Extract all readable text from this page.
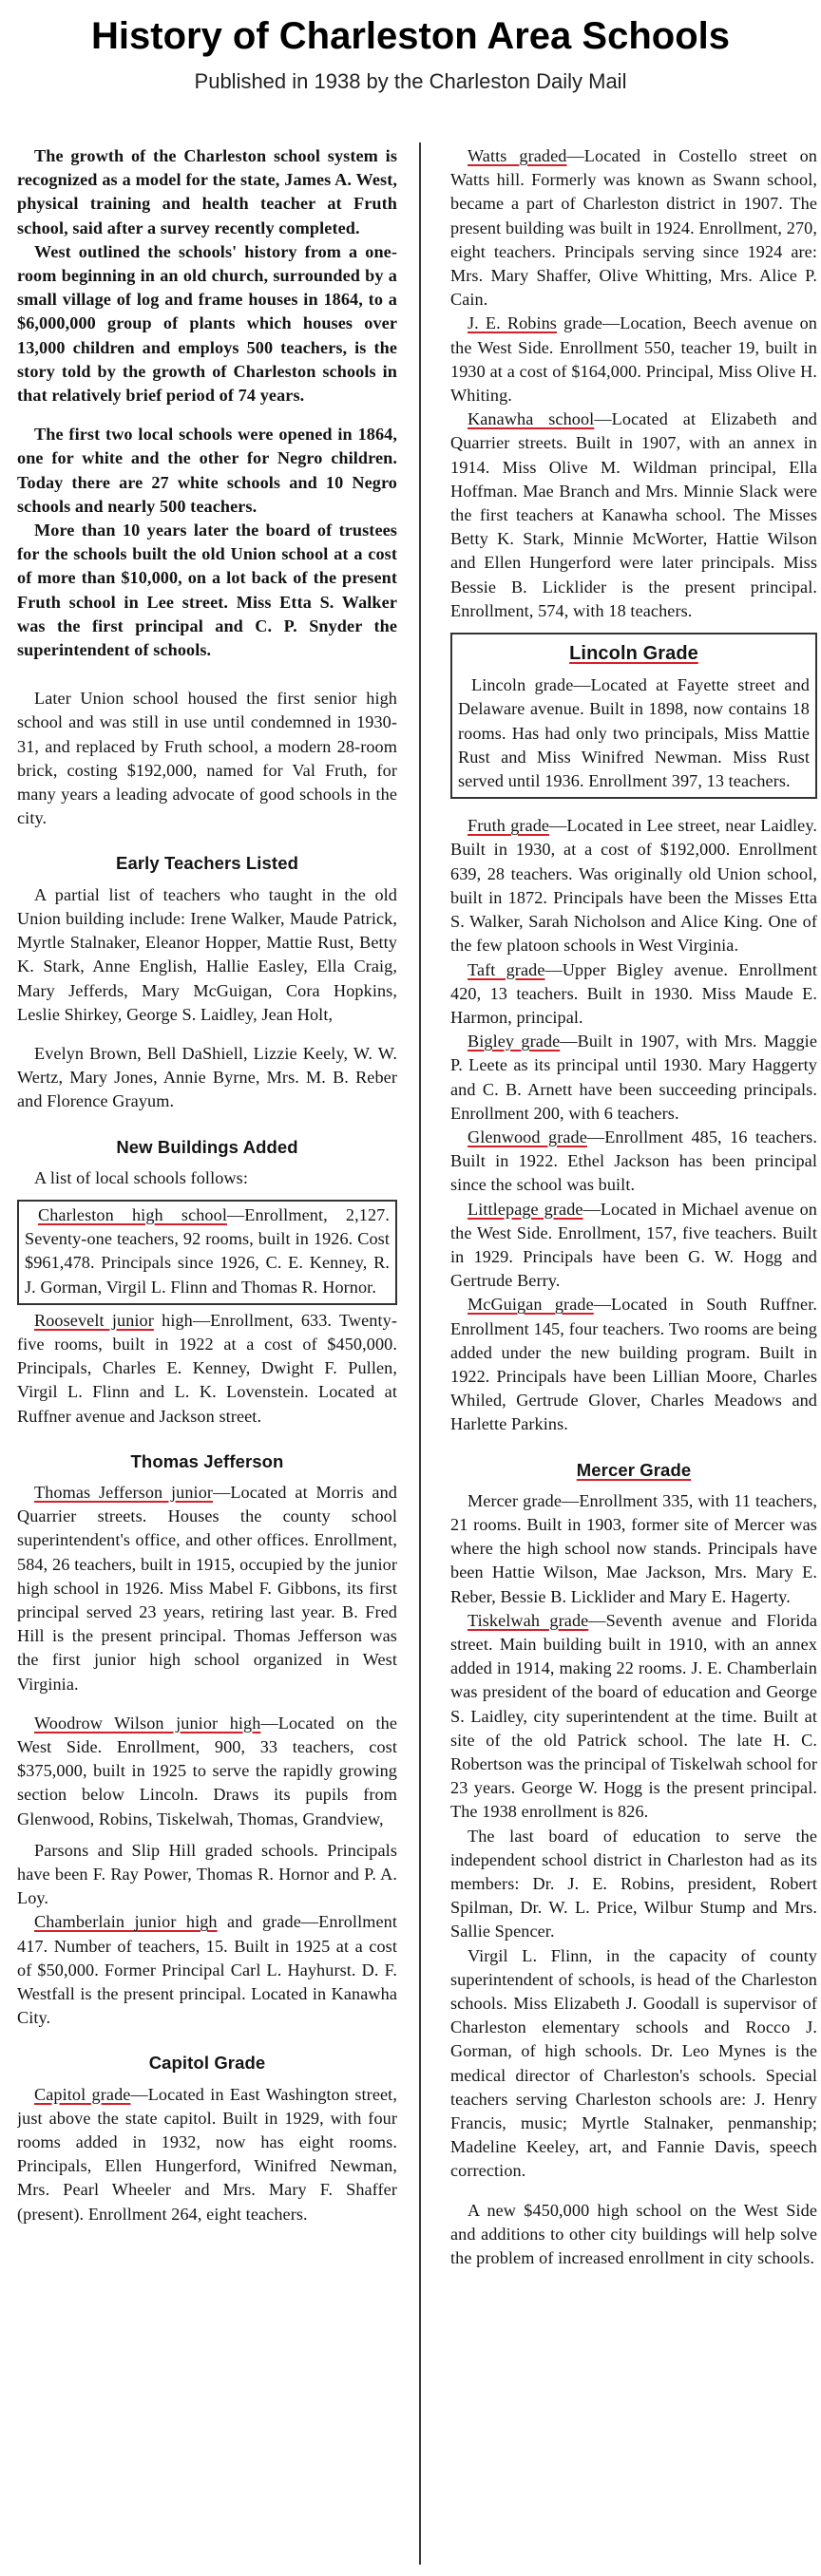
History of Charleston Area Schools
Published in 1938 by the Charleston Daily Mail

The growth of the Charleston school system is recognized as a model for the state, James A. West, physical training and health teacher at Fruth school, said after a survey recently completed.

West outlined the schools' history from a one-room beginning in an old church, surrounded by a small village of log and frame houses in 1864, to a $6,000,000 group of plants which houses over 13,000 children and employs 500 teachers, is the story told by the growth of Charleston schools in that relatively brief period of 74 years.

The first two local schools were opened in 1864, one for white and the other for Negro children. Today there are 27 white schools and 10 Negro schools and nearly 500 teachers.

More than 10 years later the board of trustees for the schools built the old Union school at a cost of more than $10,000, on a lot back of the present Fruth school in Lee street. Miss Etta S. Walker was the first principal and C. P. Snyder the superintendent of schools.

Later Union school housed the first senior high school and was still in use until condemned in 1930-31, and replaced by Fruth school, a modern 28-room brick, costing $192,000, named for Val Fruth, for many years a leading advocate of good schools in the city.

Early Teachers Listed

A partial list of teachers who taught in the old Union building include: Irene Walker, Maude Patrick, Myrtle Stalnaker, Eleanor Hopper, Mattie Rust, Betty K. Stark, Anne English, Hallie Easley, Ella Craig, Mary Jefferds, Mary McGuigan, Cora Hopkins, Leslie Shirkey, George S. Laidley, Jean Holt,

Evelyn Brown, Bell DaShiell, Lizzie Keely, W. W. Wertz, Mary Jones, Annie Byrne, Mrs. M. B. Reber and Florence Grayum.

New Buildings Added

A list of local schools follows:

Charleston high school—Enrollment, 2,127. Seventy-one teachers, 92 rooms, built in 1926. Cost $961,478. Principals since 1926, C. E. Kenney, R. J. Gorman, Virgil L. Flinn and Thomas R. Hornor.

Roosevelt junior high—Enrollment, 633. Twenty-five rooms, built in 1922 at a cost of $450,000. Principals, Charles E. Kenney, Dwight F. Pullen, Virgil L. Flinn and L. K. Lovenstein. Located at Ruffner avenue and Jackson street.

Thomas Jefferson

Thomas Jefferson junior—Located at Morris and Quarrier streets. Houses the county school superintendent's office, and other offices. Enrollment, 584, 26 teachers, built in 1915, occupied by the junior high school in 1926. Miss Mabel F. Gibbons, its first principal served 23 years, retiring last year. B. Fred Hill is the present principal. Thomas Jefferson was the first junior high school organized in West Virginia.

Woodrow Wilson junior high—Located on the West Side. Enrollment, 900, 33 teachers, cost $375,000, built in 1925 to serve the rapidly growing section below Lincoln. Draws its pupils from Glenwood, Robins, Tiskelwah, Thomas, Grandview,

Parsons and Slip Hill graded schools. Principals have been F. Ray Power, Thomas R. Hornor and P. A. Loy.

Chamberlain junior high and grade—Enrollment 417. Number of teachers, 15. Built in 1925 at a cost of $50,000. Former Principal Carl L. Hayhurst. D. F. Westfall is the present principal. Located in Kanawha City.

Capitol Grade

Capitol grade—Located in East Washington street, just above the state capitol. Built in 1929, with four rooms added in 1932, now has eight rooms. Principals, Ellen Hungerford, Winifred Newman, Mrs. Pearl Wheeler and Mrs. Mary F. Shaffer (present). Enrollment 264, eight teachers.

Watts graded—Located in Costello street on Watts hill. Formerly was known as Swann school, became a part of Charleston district in 1907. The present building was built in 1924. Enrollment, 270, eight teachers. Principals serving since 1924 are: Mrs. Mary Shaffer, Olive Whitting, Mrs. Alice P. Cain.

J. E. Robins grade—Location, Beech avenue on the West Side. Enrollment 550, teacher 19, built in 1930 at a cost of $164,000. Principal, Miss Olive H. Whiting.

Kanawha school—Located at Elizabeth and Quarrier streets. Built in 1907, with an annex in 1914. Miss Olive M. Wildman principal, Ella Hoffman. Mae Branch and Mrs. Minnie Slack were the first teachers at Kanawha school. The Misses Betty K. Stark, Minnie McWorter, Hattie Wilson and Ellen Hungerford were later principals. Miss Bessie B. Licklider is the present principal. Enrollment, 574, with 18 teachers.

Lincoln Grade

Lincoln grade—Located at Fayette street and Delaware avenue. Built in 1898, now contains 18 rooms. Has had only two principals, Miss Mattie Rust and Miss Winifred Newman. Miss Rust served until 1936. Enrollment 397, 13 teachers.

Fruth grade—Located in Lee street, near Laidley. Built in 1930, at a cost of $192,000. Enrollment 639, 28 teachers. Was originally old Union school, built in 1872. Principals have been the Misses Etta S. Walker, Sarah Nicholson and Alice King. One of the few platoon schools in West Virginia.

Taft grade—Upper Bigley avenue. Enrollment 420, 13 teachers. Built in 1930. Miss Maude E. Harmon, principal.

Bigley grade—Built in 1907, with Mrs. Maggie P. Leete as its principal until 1930. Mary Haggerty and C. B. Arnett have been succeeding principals. Enrollment 200, with 6 teachers.

Glenwood grade—Enrollment 485, 16 teachers. Built in 1922. Ethel Jackson has been principal since the school was built.

Littlepage grade—Located in Michael avenue on the West Side. Enrollment, 157, five teachers. Built in 1929. Principals have been G. W. Hogg and Gertrude Berry.

McGuigan grade—Located in South Ruffner. Enrollment 145, four teachers. Two rooms are being added under the new building program. Built in 1922. Principals have been Lillian Moore, Charles Whiled, Gertrude Glover, Charles Meadows and Harlette Parkins.

Mercer Grade

Mercer grade—Enrollment 335, with 11 teachers, 21 rooms. Built in 1903, former site of Mercer was where the high school now stands. Principals have been Hattie Wilson, Mae Jackson, Mrs. Mary E. Reber, Bessie B. Licklider and Mary E. Hagerty.

Tiskelwah grade—Seventh avenue and Florida street. Main building built in 1910, with an annex added in 1914, making 22 rooms. J. E. Chamberlain was president of the board of education and George S. Laidley, city superintendent at the time. Built at site of the old Patrick school. The late H. C. Robertson was the principal of Tiskelwah school for 23 years. George W. Hogg is the present principal. The 1938 enrollment is 826.

The last board of education to serve the independent school district in Charleston had as its members: Dr. J. E. Robins, president, Robert Spilman, Dr. W. L. Price, Wilbur Stump and Mrs. Sallie Spencer.

Virgil L. Flinn, in the capacity of county superintendent of schools, is head of the Charleston schools. Miss Elizabeth J. Goodall is supervisor of Charleston elementary schools and Rocco J. Gorman, of high schools. Dr. Leo Mynes is the medical director of Charleston's schools. Special teachers serving Charleston schools are: J. Henry Francis, music; Myrtle Stalnaker, penmanship; Madeline Keeley, art, and Fannie Davis, speech correction.

A new $450,000 high school on the West Side and additions to other city buildings will help solve the problem of increased enrollment in city schools.
